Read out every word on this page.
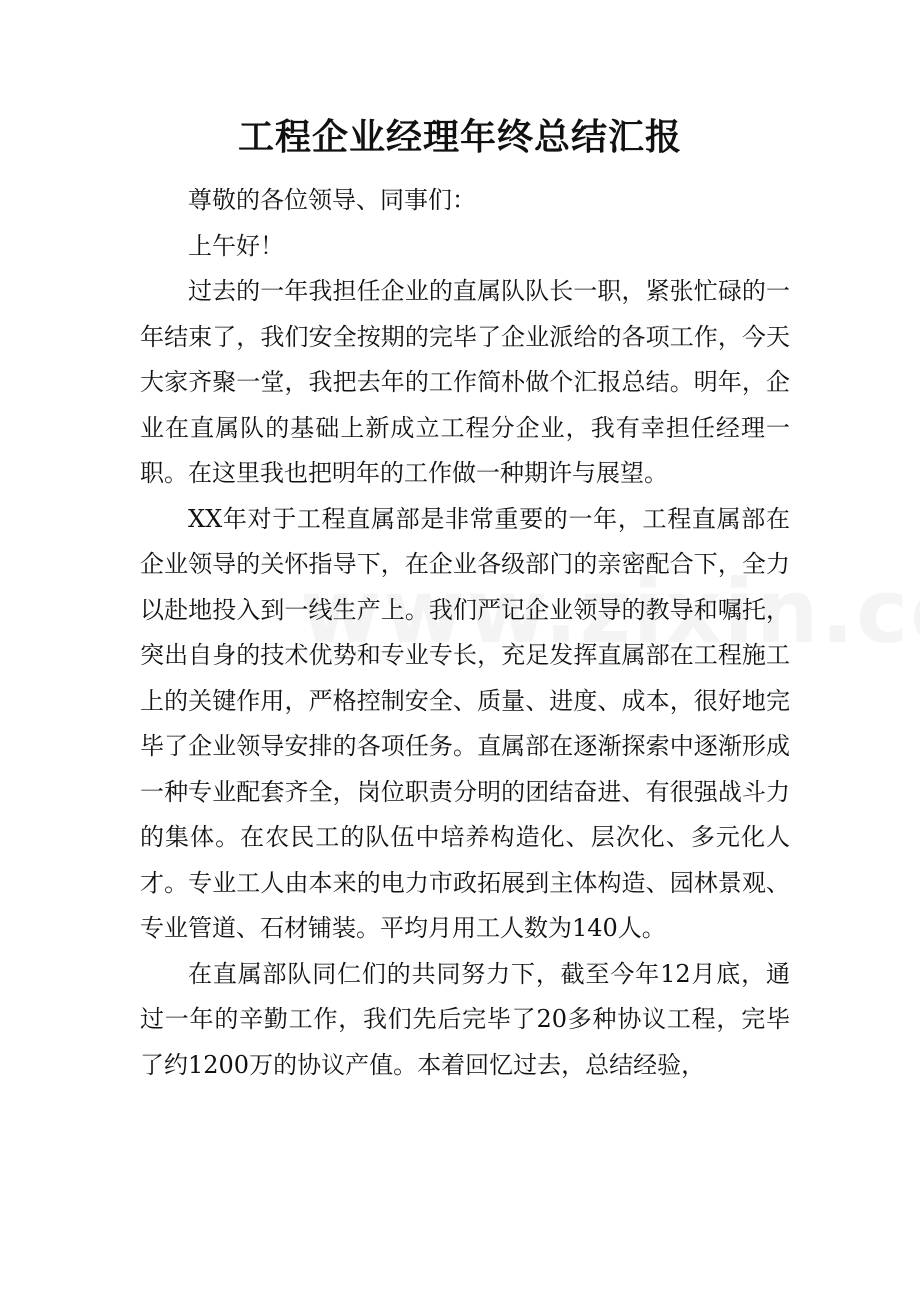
工程企业经理年终总结汇报

尊敬的各位领导、同事们：

上午好！

过去的一年我担任企业的直属队队长一职，紧张忙碌的一年结束了，我们安全按期的完毕了企业派给的各项工作，今天大家齐聚一堂，我把去年的工作简朴做个汇报总结。明年，企业在直属队的基础上新成立工程分企业，我有幸担任经理一职。在这里我也把明年的工作做一种期许与展望。

XX年对于工程直属部是非常重要的一年，工程直属部在企业领导的关怀指导下，在企业各级部门的亲密配合下，全力以赴地投入到一线生产上。我们严记企业领导的教导和嘱托，突出自身的技术优势和专业专长，充足发挥直属部在工程施工上的关键作用，严格控制安全、质量、进度、成本，很好地完毕了企业领导安排的各项任务。直属部在逐渐探索中逐渐形成一种专业配套齐全，岗位职责分明的团结奋进、有很强战斗力的集体。在农民工的队伍中培养构造化、层次化、多元化人才。专业工人由本来的电力市政拓展到主体构造、园林景观、专业管道、石材铺装。平均月用工人数为140人。

在直属部队同仁们的共同努力下，截至今年12月底，通过一年的辛勤工作，我们先后完毕了20多种协议工程，完毕了约1200万的协议产值。本着回忆过去，总结经验，
